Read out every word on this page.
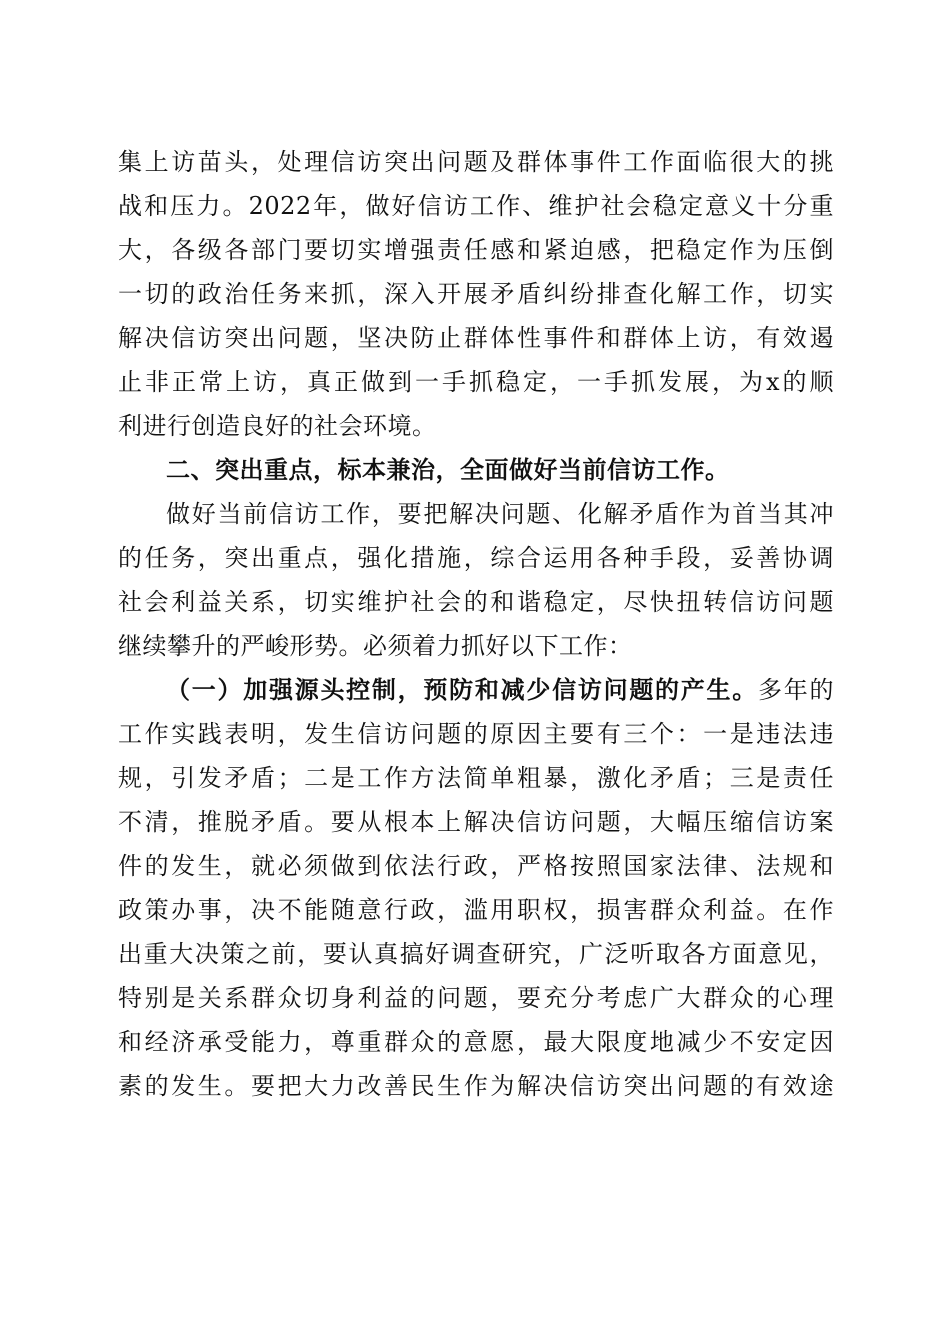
集上访苗头，处理信访突出问题及群体事件工作面临很大的挑
战和压力。2022年，做好信访工作、维护社会稳定意义十分重
大，各级各部门要切实增强责任感和紧迫感，把稳定作为压倒
一切的政治任务来抓，深入开展矛盾纠纷排查化解工作，切实
解决信访突出问题，坚决防止群体性事件和群体上访，有效遏
止非正常上访，真正做到一手抓稳定，一手抓发展，为x的顺
利进行创造良好的社会环境。
二、突出重点，标本兼治，全面做好当前信访工作。
做好当前信访工作，要把解决问题、化解矛盾作为首当其冲
的任务，突出重点，强化措施，综合运用各种手段，妥善协调
社会利益关系，切实维护社会的和谐稳定，尽快扭转信访问题
继续攀升的严峻形势。必须着力抓好以下工作：
（一）加强源头控制，预防和减少信访问题的产生。多年的
工作实践表明，发生信访问题的原因主要有三个：一是违法违
规，引发矛盾；二是工作方法简单粗暴，激化矛盾；三是责任
不清，推脱矛盾。要从根本上解决信访问题，大幅压缩信访案
件的发生，就必须做到依法行政，严格按照国家法律、法规和
政策办事，决不能随意行政，滥用职权，损害群众利益。在作
出重大决策之前，要认真搞好调查研究，广泛听取各方面意见，
特别是关系群众切身利益的问题，要充分考虑广大群众的心理
和经济承受能力，尊重群众的意愿，最大限度地减少不安定因
素的发生。要把大力改善民生作为解决信访突出问题的有效途
